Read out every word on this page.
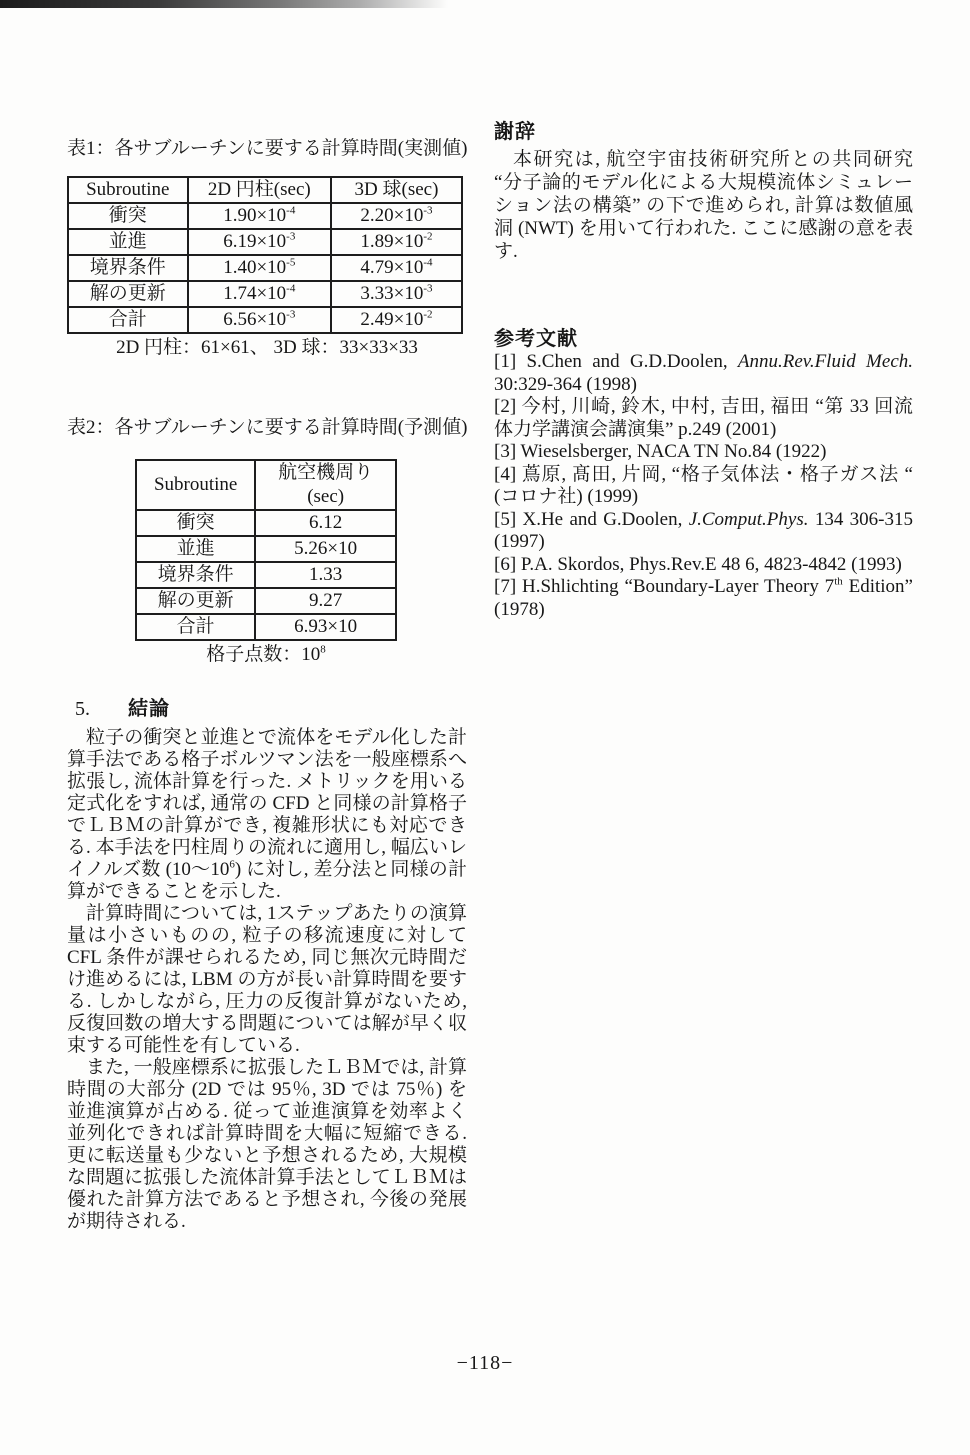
表1：各サブルーチンに要する計算時間(実測値)
Subroutine	2D 円柱(sec)	3D 球(sec)
衝突	$1.90\times 10^{-4}$	$2.20\times 10^{-3}$
並進	$6.19\times 10^{-3}$	$1.89\times 10^{-2}$
境界条件	$1.40\times 10^{-5}$	$4.79\times 10^{-4}$
解の更新	$1.74\times 10^{-4}$	$3.33\times 10^{-3}$
合計	$6.56\times 10^{-3}$	$2.49\times 10^{-2}$
2D 円柱：61×61、 3D 球：33×33×33
表2：各サブルーチンに要する計算時間(予測値)
Subroutine	航空機周り(sec)
衝突	6.12
並進	5.26×10
境界条件	1.33
解の更新	9.27
合計	6.93×10
格子点数：$10^8$
5. 結論

粒子の衝突と並進とで流体をモデル化した計算手法である格子ボルツマン法を一般座標系へ拡張し, 流体計算を行った. メトリックを用いる定式化をすれば, 通常の CFD と同様の計算格子でＬＢＭの計算ができ, 複雑形状にも対応できる. 本手法を円柱周りの流れに適用し, 幅広いレイノルズ数 $(10\sim 10^6)$ に対し, 差分法と同様の計算ができることを示した.

計算時間については, 1ステップあたりの演算量は小さいものの, 粒子の移流速度に対して CFL 条件が課せられるため, 同じ無次元時間だけ進めるには, LBM の方が長い計算時間を要する. しかしながら, 圧力の反復計算がないため, 反復回数の増大する問題については解が早く収束する可能性を有している.

また, 一般座標系に拡張したＬＢＭでは, 計算時間の大部分 (2D では 95％, 3D では 75％) を並進演算が占める. 従って並進演算を効率よく並列化できれば計算時間を大幅に短縮できる. 更に転送量も少ないと予想されるため, 大規模な問題に拡張した流体計算手法としてＬＢＭは優れた計算方法であると予想され, 今後の発展が期待される.

謝辞

本研究は, 航空宇宙技術研究所との共同研究 “分子論的モデル化による大規模流体シミュレーション法の構築” の下で進められ, 計算は数値風洞 (NWT) を用いて行われた. ここに感謝の意を表す.

参考文献

[1] S.Chen and G.D.Doolen, Annu.Rev.Fluid Mech. 30:329-364 (1998)

[2] 今村, 川崎, 鈴木, 中村, 吉田, 福田 “第 33 回流体力学講演会講演集” p.249 (2001)

[3] Wieselsberger, NACA TN No.84 (1922)

[4] 蔦原, 髙田, 片岡, “格子気体法・格子ガス法 “　(コロナ社) (1999)

[5] X.He and G.Doolen, J.Comput.Phys. 134 306-315 (1997)

[6] P.A. Skordos, Phys.Rev.E 48 6, 4823-4842 (1993)

[7] H.Shlichting “Boundary-Layer Theory 7th Edition” (1978)

−118−
